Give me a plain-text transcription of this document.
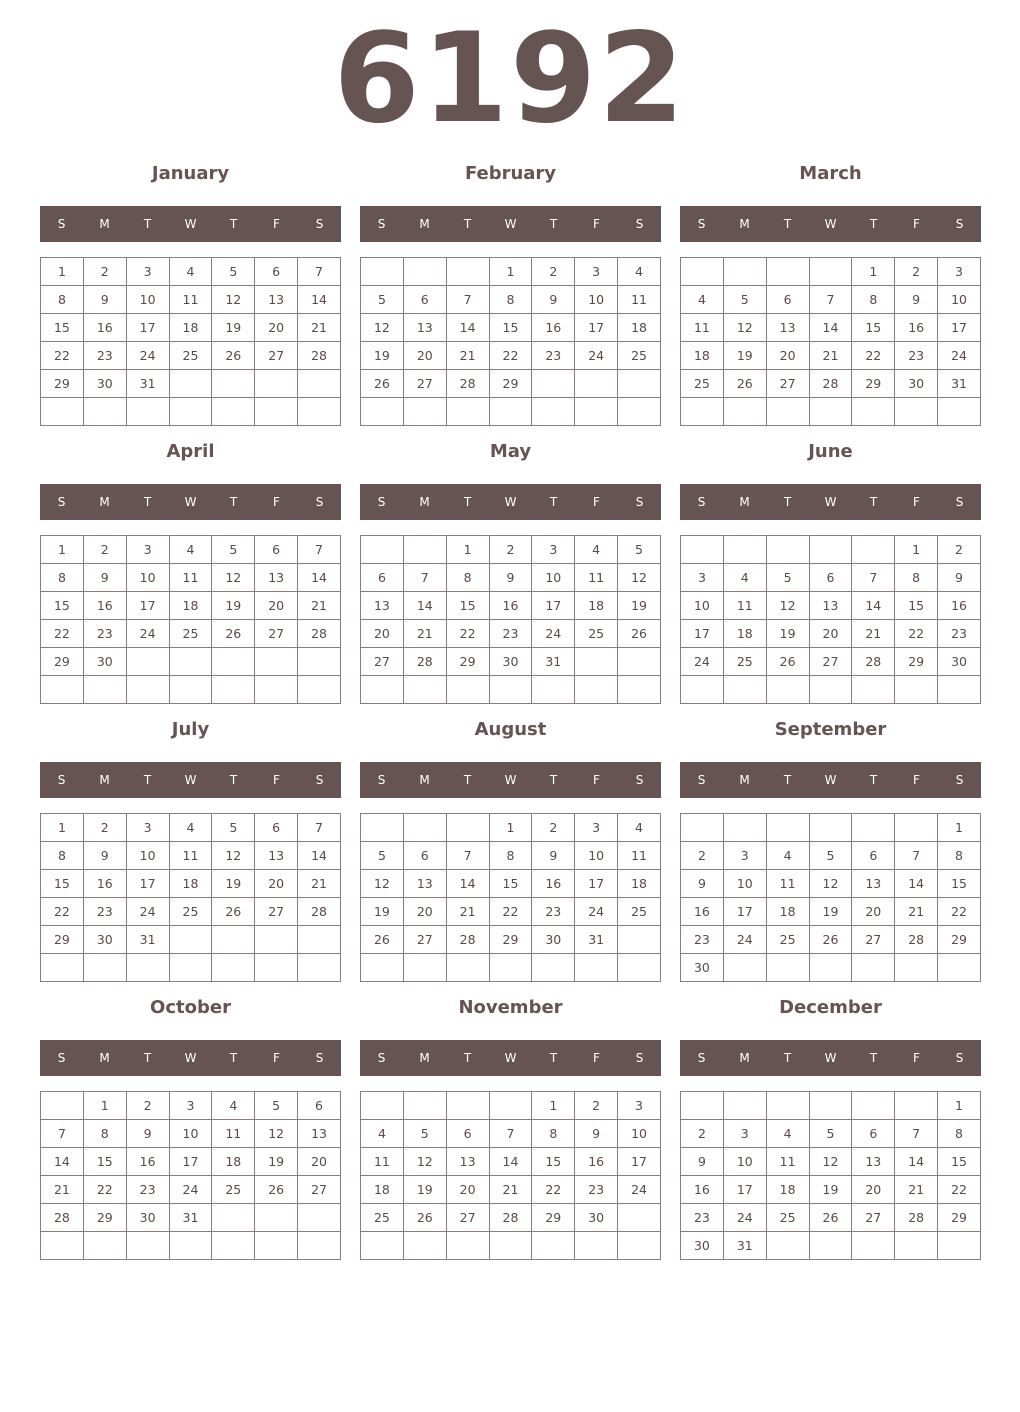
6192
January
S	M	T	W	T	F	S
1	2	3	4	5	6	7
8	9	10	11	12	13	14
15	16	17	18	19	20	21
22	23	24	25	26	27	28
29	30	31				

February
S	M	T	W	T	F	S
			1	2	3	4
5	6	7	8	9	10	11
12	13	14	15	16	17	18
19	20	21	22	23	24	25
26	27	28	29			

March
S	M	T	W	T	F	S
				1	2	3
4	5	6	7	8	9	10
11	12	13	14	15	16	17
18	19	20	21	22	23	24
25	26	27	28	29	30	31

April
S	M	T	W	T	F	S
1	2	3	4	5	6	7
8	9	10	11	12	13	14
15	16	17	18	19	20	21
22	23	24	25	26	27	28
29	30					

May
S	M	T	W	T	F	S
		1	2	3	4	5
6	7	8	9	10	11	12
13	14	15	16	17	18	19
20	21	22	23	24	25	26
27	28	29	30	31		

June
S	M	T	W	T	F	S
					1	2
3	4	5	6	7	8	9
10	11	12	13	14	15	16
17	18	19	20	21	22	23
24	25	26	27	28	29	30

July
S	M	T	W	T	F	S
1	2	3	4	5	6	7
8	9	10	11	12	13	14
15	16	17	18	19	20	21
22	23	24	25	26	27	28
29	30	31				

August
S	M	T	W	T	F	S
			1	2	3	4
5	6	7	8	9	10	11
12	13	14	15	16	17	18
19	20	21	22	23	24	25
26	27	28	29	30	31	

September
S	M	T	W	T	F	S
						1
2	3	4	5	6	7	8
9	10	11	12	13	14	15
16	17	18	19	20	21	22
23	24	25	26	27	28	29
30						
October
S	M	T	W	T	F	S
	1	2	3	4	5	6
7	8	9	10	11	12	13
14	15	16	17	18	19	20
21	22	23	24	25	26	27
28	29	30	31			

November
S	M	T	W	T	F	S
				1	2	3
4	5	6	7	8	9	10
11	12	13	14	15	16	17
18	19	20	21	22	23	24
25	26	27	28	29	30	

December
S	M	T	W	T	F	S
						1
2	3	4	5	6	7	8
9	10	11	12	13	14	15
16	17	18	19	20	21	22
23	24	25	26	27	28	29
30	31					
